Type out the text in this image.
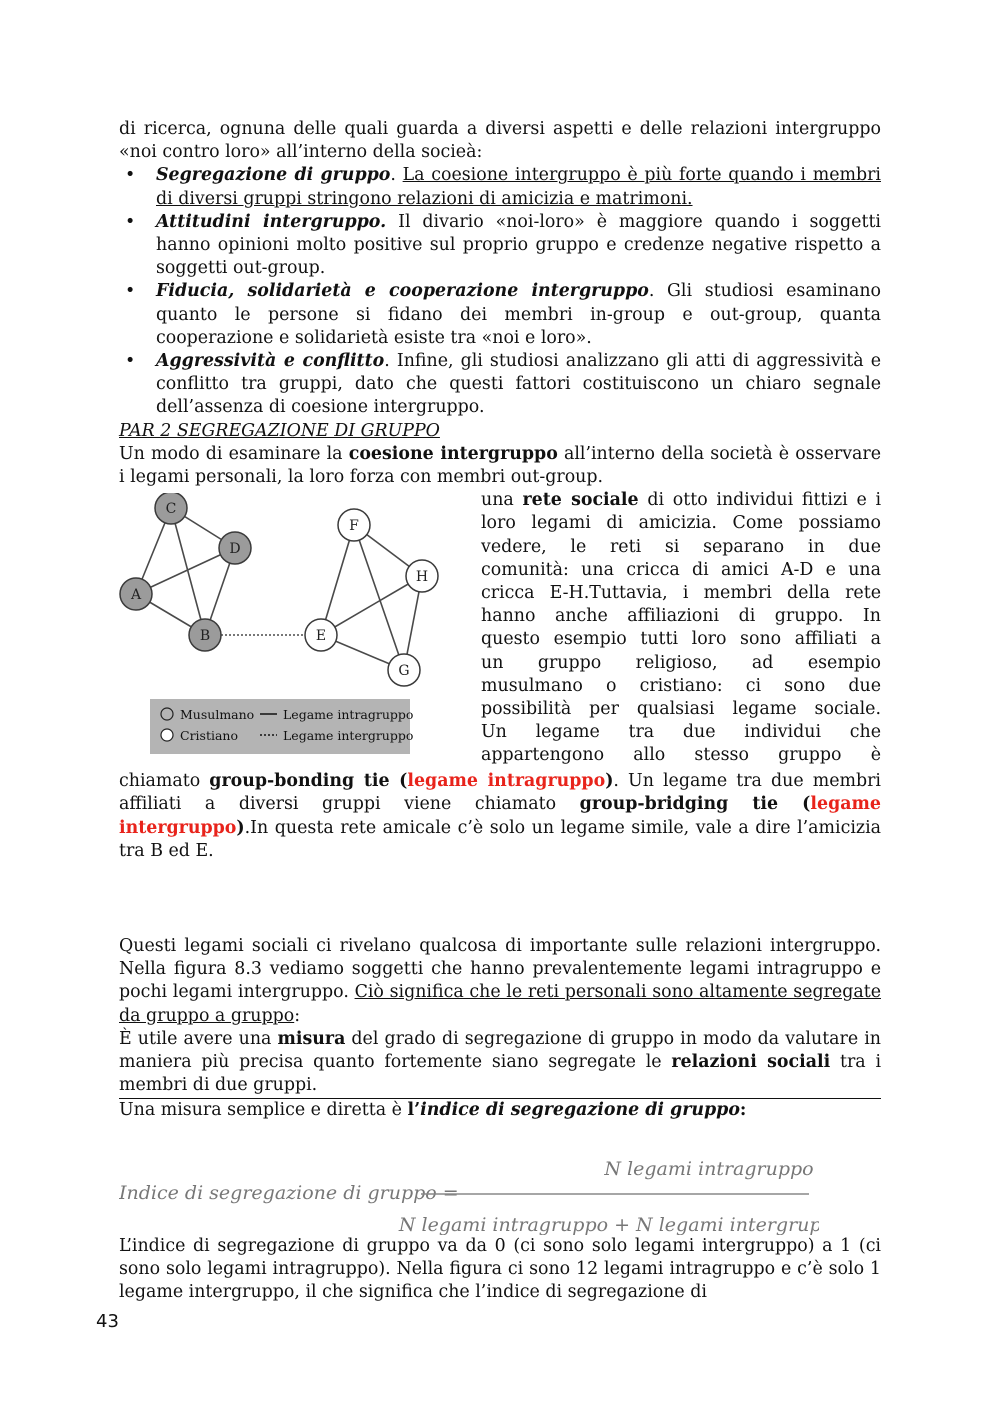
di ricerca, ognuna delle quali guarda a diversi aspetti e delle relazioni intergruppo «noi contro loro» all’interno della socieà:

• Segregazione di gruppo. La coesione intergruppo è più forte quando i membri di diversi gruppi stringono relazioni di amicizia e matrimoni.
• Attitudini intergruppo. Il divario «noi-loro» è maggiore quando i soggetti hanno opinioni molto positive sul proprio gruppo e credenze negative rispetto a soggetti out-group.
• Fiducia, solidarietà e cooperazione intergruppo. Gli studiosi esaminano quanto le persone si fidano dei membri in-group e out-group, quanta cooperazione e solidarietà esiste tra «noi e loro».
• Aggressività e conflitto. Infine, gli studiosi analizzano gli atti di aggressività e conflitto tra gruppi, dato che questi fattori costituiscono un chiaro segnale dell’assenza di coesione intergruppo.

PAR 2 SEGREGAZIONE DI GRUPPO

Un modo di esaminare la coesione intergruppo all’interno della società è osservare i legami personali, la loro forza con membri out-group.

C
D
A
B
F
H
E
G
Musulmano
Cristiano
Legame intragruppo
Legame intergruppo
una rete sociale di otto individui fittizi e i
loro legami di amicizia. Come possiamo
vedere, le reti si separano in due
comunità: una cricca di amici A-D e una
cricca E-H.Tuttavia, i membri della rete
hanno anche affiliazioni di gruppo. In
questo esempio tutti loro sono affiliati a
un gruppo religioso, ad esempio
musulmano o cristiano: ci sono due
possibilità per qualsiasi legame sociale.
Un legame tra due individui che
appartengono allo stesso gruppo è

chiamato group-bonding tie (legame intragruppo). Un legame tra due membri affiliati a diversi gruppi viene chiamato group-bridging tie (legame intergruppo).In questa rete amicale c’è solo un legame simile, vale a dire l’amicizia tra B ed E.

Questi legami sociali ci rivelano qualcosa di importante sulle relazioni intergruppo. Nella figura 8.3 vediamo soggetti che hanno prevalentemente legami intragruppo e pochi legami intergruppo. Ciò significa che le reti personali sono altamente segregate da gruppo a gruppo:

È utile avere una misura del grado di segregazione di gruppo in modo da valutare in maniera più precisa quanto fortemente siano segregate le relazioni sociali tra i membri di due gruppi.

Una misura semplice e diretta è l’indice di segregazione di gruppo:

Indice di segregazione di gruppo =
N legami intragruppo
N legami intragruppo + N legami intergruppo

L’indice di segregazione di gruppo va da 0 (ci sono solo legami intergruppo) a 1 (ci sono solo legami intragruppo). Nella figura ci sono 12 legami intragruppo e c’è solo 1 legame intergruppo, il che significa che l’indice di segregazione di

43
